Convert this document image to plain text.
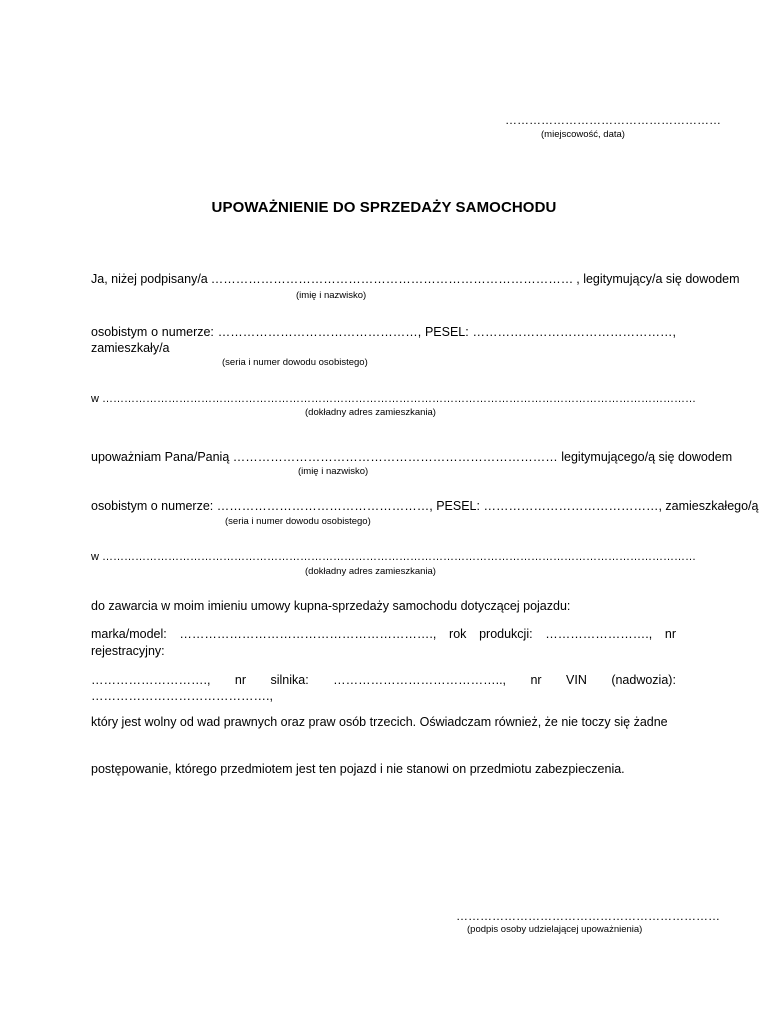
………………………………………………
(miejscowość, data)
UPOWAŻNIENIE DO SPRZEDAŻY SAMOCHODU
Ja, niżej podpisany/a …………………………………………………………………………… , legitymujący/a się dowodem
(imię i nazwisko)
osobistym o numerze: …………………………………………, PESEL: …………………………………………,
zamieszkały/a
(seria i numer dowodu osobistego)
w ………………………………………………………………………………………………………………………………………………
(dokładny adres zamieszkania)
upoważniam Pana/Panią …………………………………………………………………… legitymującego/ą się dowodem
(imię i nazwisko)
osobistym o numerze: ……………………………………………, PESEL: ……………………………………, zamieszkałego/ą
(seria i numer dowodu osobistego)
w ………………………………………………………………………………………………………………………………………………
(dokładny adres zamieszkania)
do zawarcia w moim imieniu umowy kupna-sprzedaży samochodu dotyczącej pojazdu:
marka/model: ……………………………………………………., rok produkcji: ……………………., nr
rejestracyjny:
………………………., nr silnika: ………………………………….., nr VIN (nadwozia):
…………………………………….,
który jest wolny od wad prawnych oraz praw osób trzecich. Oświadczam również, że nie toczy się żadne
postępowanie, którego przedmiotem jest ten pojazd i nie stanowi on przedmiotu zabezpieczenia.
…………………………………………………………
(podpis osoby udzielającej upoważnienia)
